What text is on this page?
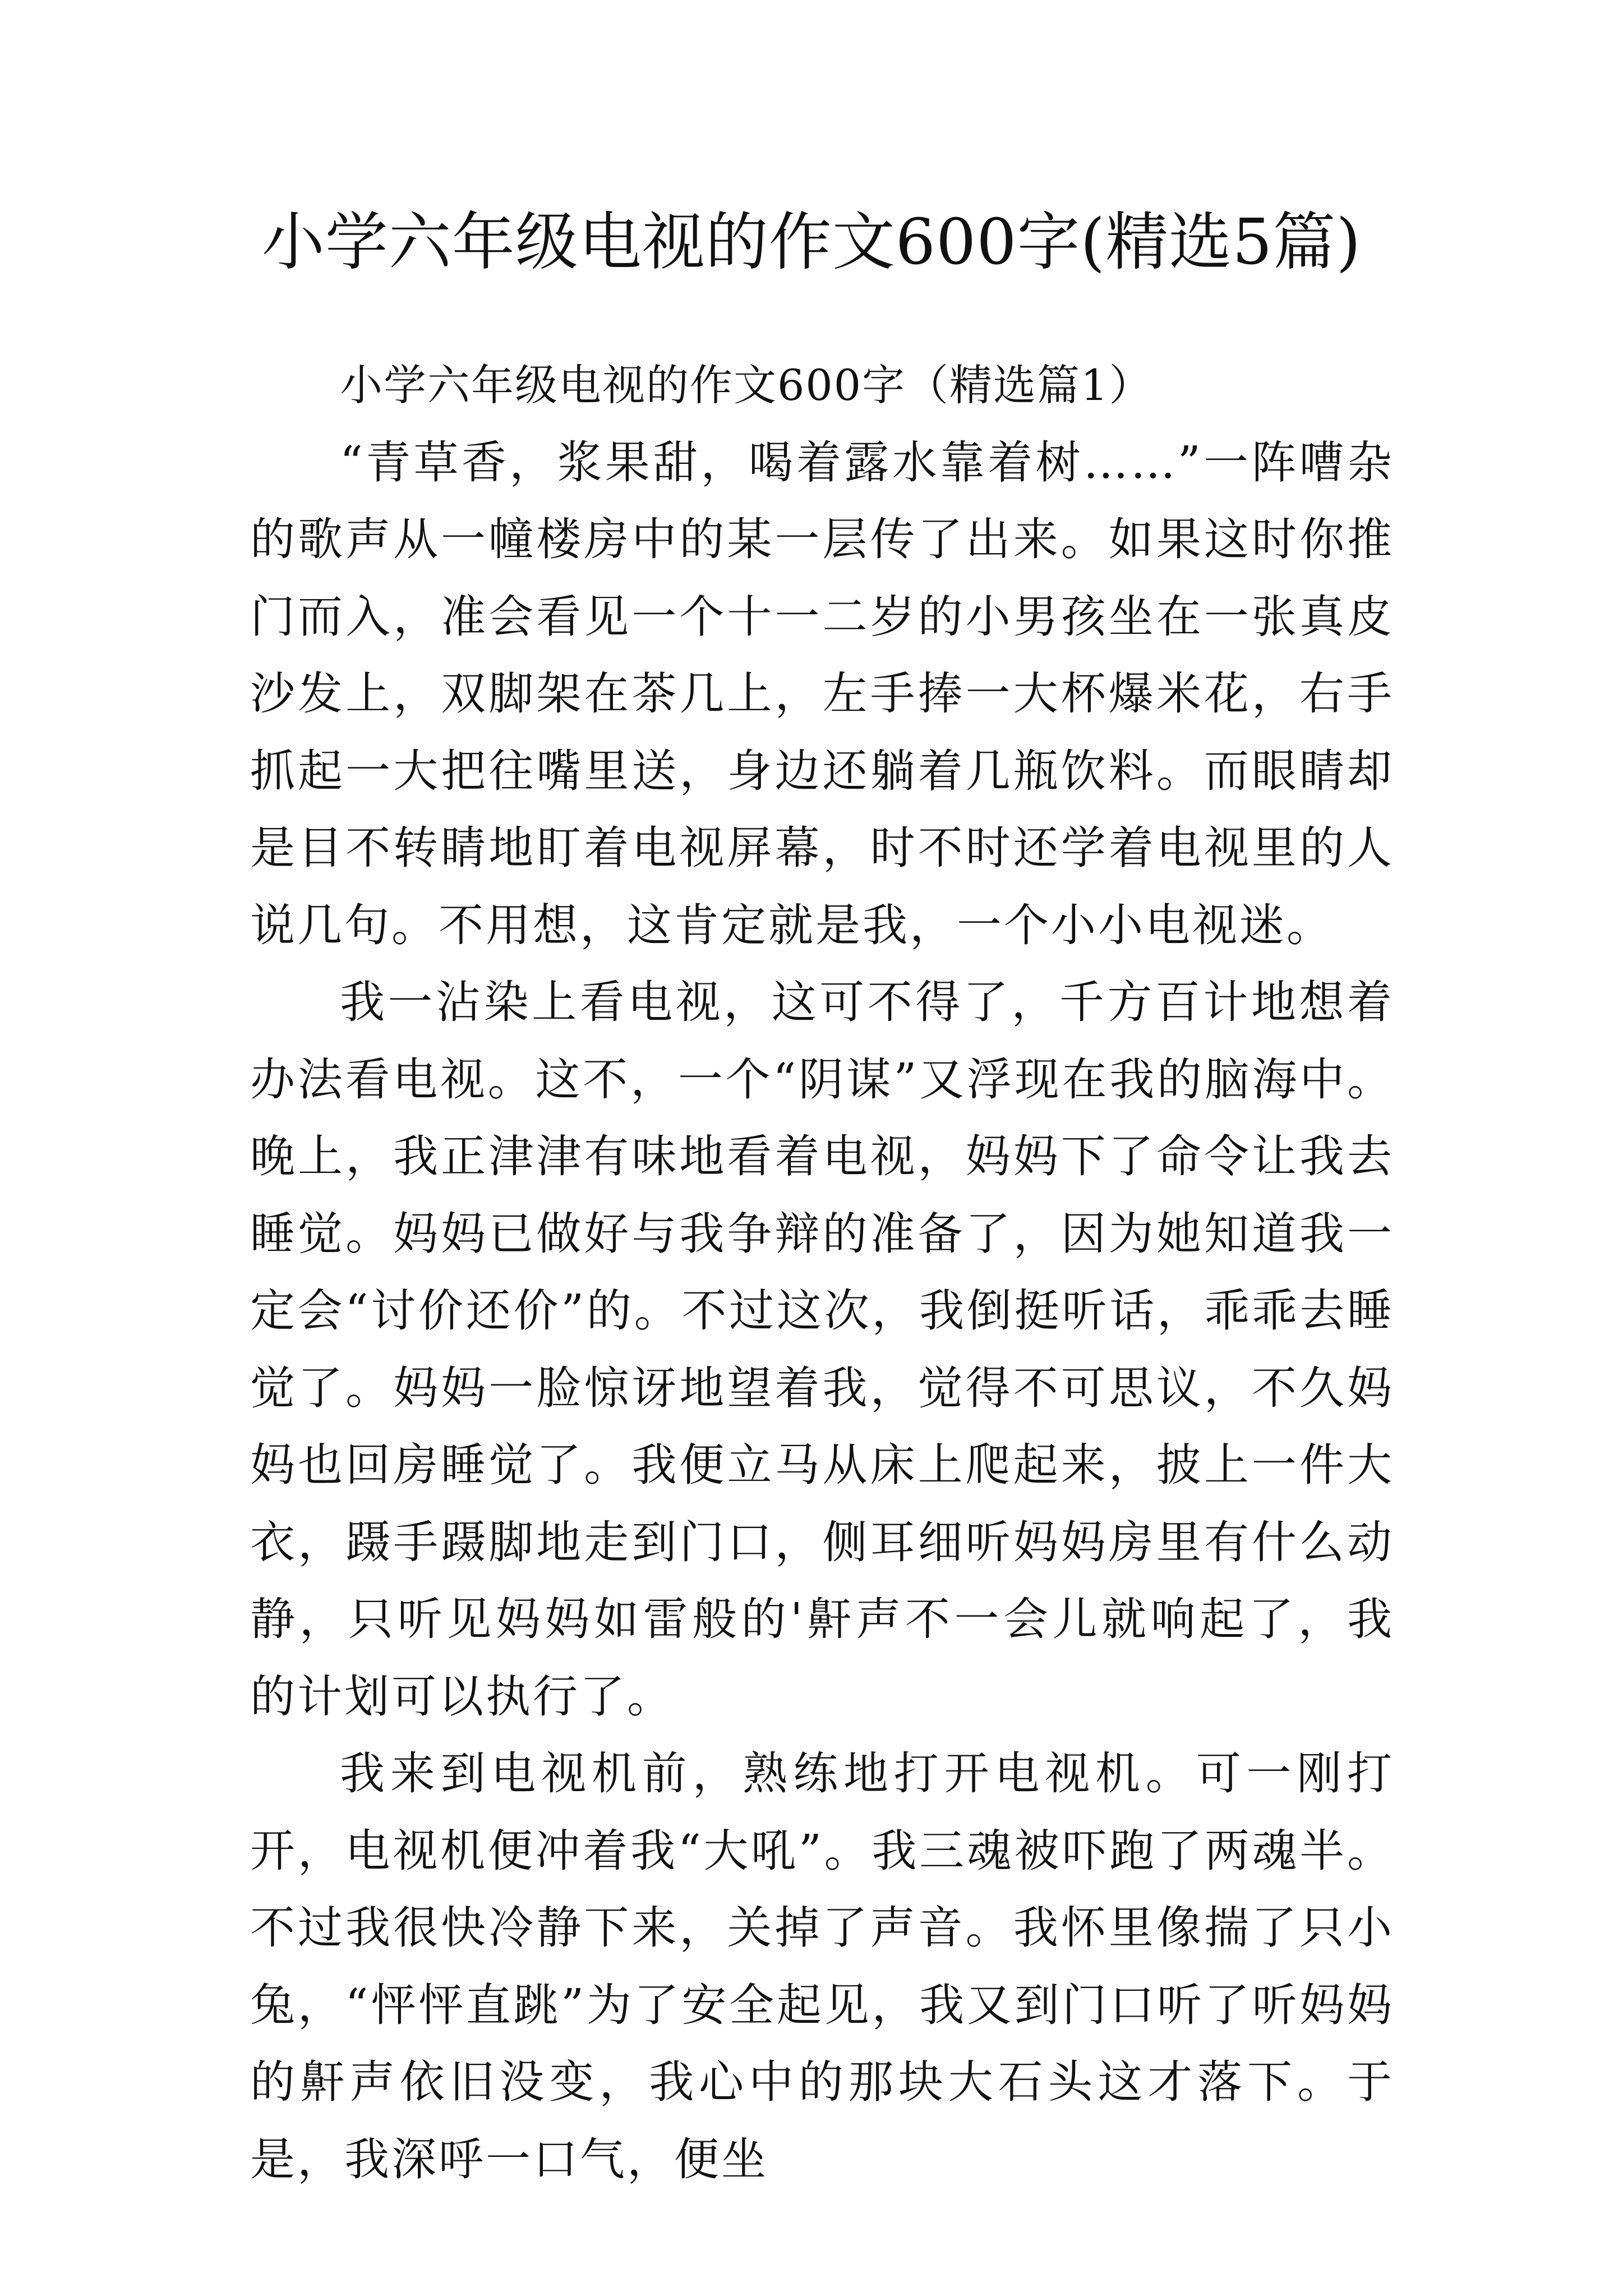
小学六年级电视的作文600字(精选5篇)

小学六年级电视的作文600字（精选篇1）

“青草香，浆果甜，喝着露水靠着树……”一阵嘈杂的歌声从一幢楼房中的某一层传了出来。如果这时你推门而入，准会看见一个十一二岁的小男孩坐在一张真皮沙发上，双脚架在茶几上，左手捧一大杯爆米花，右手抓起一大把往嘴里送，身边还躺着几瓶饮料。而眼睛却是目不转睛地盯着电视屏幕，时不时还学着电视里的人说几句。不用想，这肯定就是我，一个小小电视迷。

我一沾染上看电视，这可不得了，千方百计地想着办法看电视。这不，一个“阴谋”又浮现在我的脑海中。晚上，我正津津有味地看着电视，妈妈下了命令让我去睡觉。妈妈已做好与我争辩的准备了，因为她知道我一定会“讨价还价”的。不过这次，我倒挺听话，乖乖去睡觉了。妈妈一脸惊讶地望着我，觉得不可思议，不久妈妈也回房睡觉了。我便立马从床上爬起来，披上一件大衣，蹑手蹑脚地走到门口，侧耳细听妈妈房里有什么动静，只听见妈妈如雷般的'鼾声不一会儿就响起了，我的计划可以执行了。

我来到电视机前，熟练地打开电视机。可一刚打开，电视机便冲着我“大吼”。我三魂被吓跑了两魂半。不过我很快冷静下来，关掉了声音。我怀里像揣了只小兔，“怦怦直跳”为了安全起见，我又到门口听了听妈妈的鼾声依旧没变，我心中的那块大石头这才落下。于是，我深呼一口气，便坐
